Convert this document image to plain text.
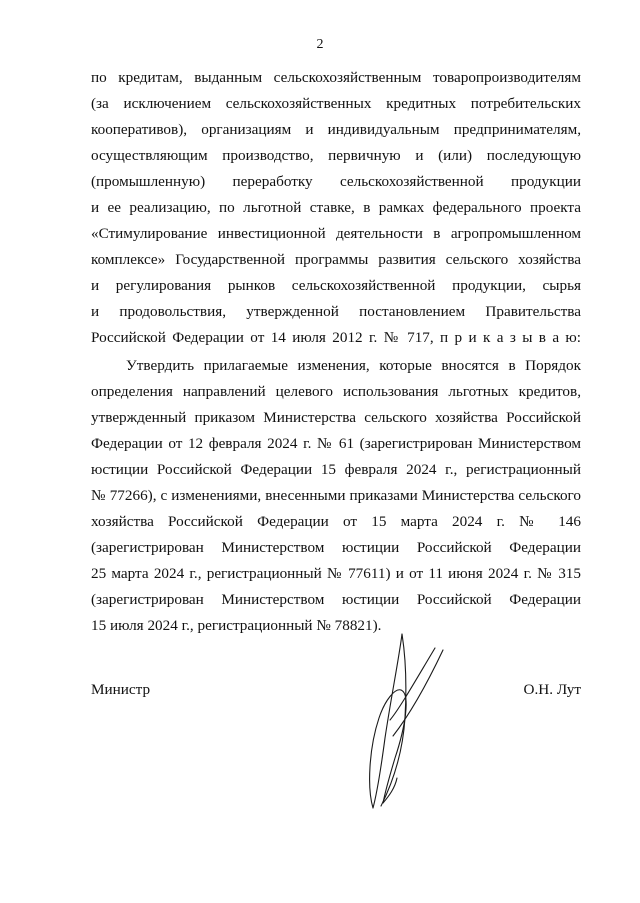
2
по кредитам, выданным сельскохозяйственным товаропроизводителям
(за исключением сельскохозяйственных кредитных потребительских
кооперативов), организациям и индивидуальным предпринимателям,
осуществляющим производство, первичную и (или) последующую
(промышленную) переработку сельскохозяйственной продукции
и ее реализацию, по льготной ставке, в рамках федерального проекта
«Стимулирование инвестиционной деятельности в агропромышленном
комплексе» Государственной программы развития сельского хозяйства
и регулирования рынков сельскохозяйственной продукции, сырья
и продовольствия, утвержденной постановлением Правительства
Российской Федерации от 14 июля 2012 г. № 717, п р и к а з ы в а ю:
Утвердить прилагаемые изменения, которые вносятся в Порядок
определения направлений целевого использования льготных кредитов,
утвержденный приказом Министерства сельского хозяйства Российской
Федерации от 12 февраля 2024 г. № 61 (зарегистрирован Министерством
юстиции Российской Федерации 15 февраля 2024 г., регистрационный
№ 77266), с изменениями, внесенными приказами Министерства сельского
хозяйства Российской Федерации от 15 марта 2024 г. № 146
(зарегистрирован Министерством юстиции Российской Федерации
25 марта 2024 г., регистрационный № 77611) и от 11 июня 2024 г. № 315
(зарегистрирован Министерством юстиции Российской Федерации
15 июля 2024 г., регистрационный № 78821).
Министр	О.Н. Лут
